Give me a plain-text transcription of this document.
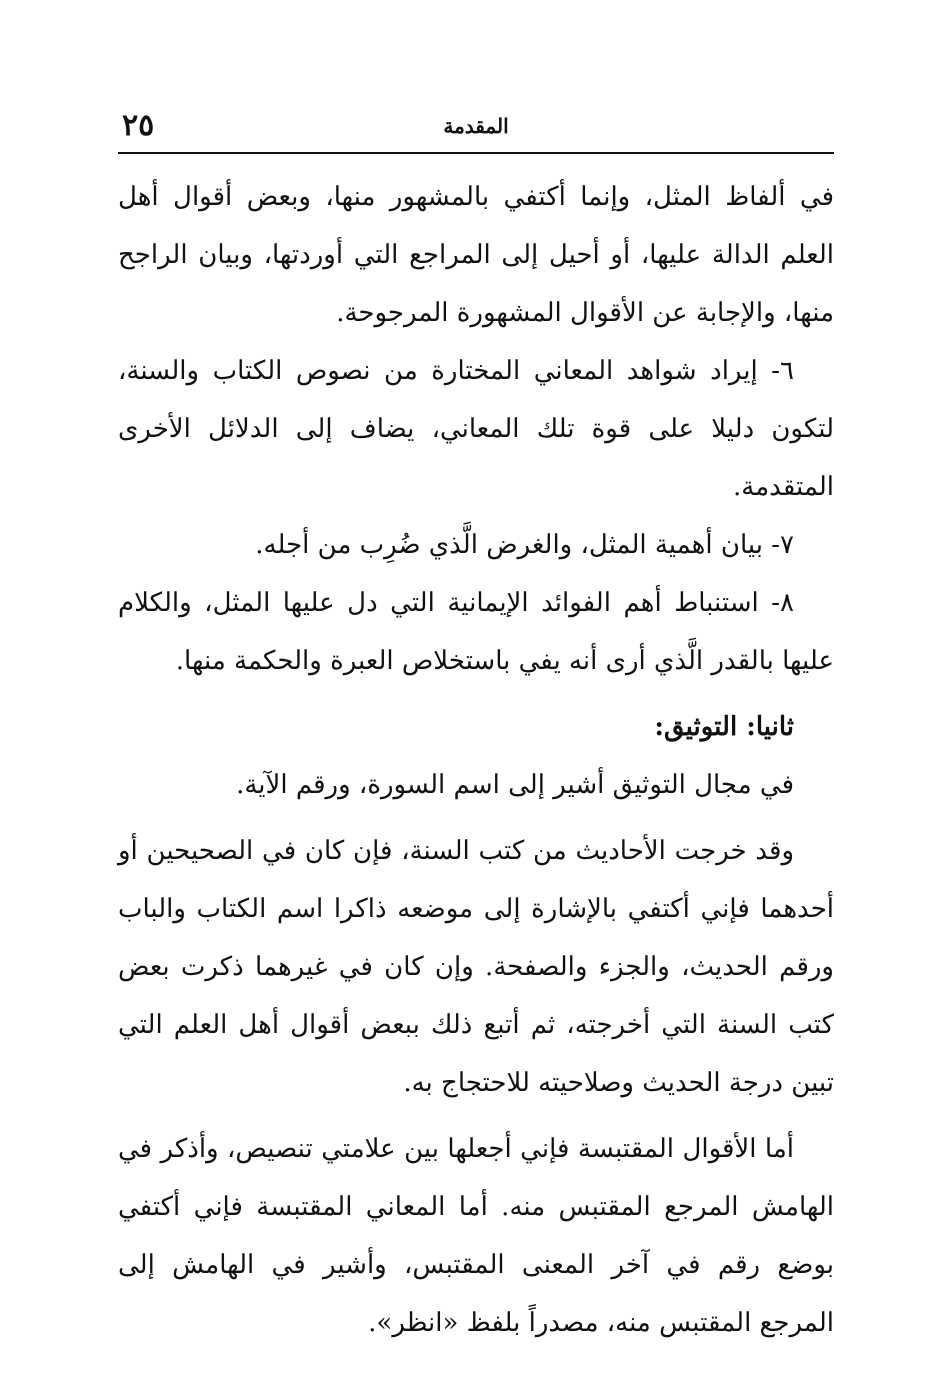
المقدمة
٢٥

في ألفاظ المثل، وإنما أكتفي بالمشهور منها، وبعض أقوال أهل العلم الدالة عليها، أو أحيل إلى المراجع التي أوردتها، وبيان الراجح منها، والإجابة عن الأقوال المشهورة المرجوحة.

٦- إيراد شواهد المعاني المختارة من نصوص الكتاب والسنة، لتكون دليلا على قوة تلك المعاني، يضاف إلى الدلائل الأخرى المتقدمة.

٧- بيان أهمية المثل، والغرض الَّذي ضُرِب من أجله.

٨- استنباط أهم الفوائد الإيمانية التي دل عليها المثل، والكلام عليها بالقدر الَّذي أرى أنه يفي باستخلاص العبرة والحكمة منها.

ثانيا: التوثيق:

في مجال التوثيق أشير إلى اسم السورة، ورقم الآية.

وقد خرجت الأحاديث من كتب السنة، فإن كان في الصحيحين أو أحدهما فإني أكتفي بالإشارة إلى موضعه ذاكرا اسم الكتاب والباب ورقم الحديث، والجزء والصفحة. وإن كان في غيرهما ذكرت بعض كتب السنة التي أخرجته، ثم أتبع ذلك ببعض أقوال أهل العلم التي تبين درجة الحديث وصلاحيته للاحتجاج به.

أما الأقوال المقتبسة فإني أجعلها بين علامتي تنصيص، وأذكر في الهامش المرجع المقتبس منه. أما المعاني المقتبسة فإني أكتفي بوضع رقم في آخر المعنى المقتبس، وأشير في الهامش إلى المرجع المقتبس منه، مصدراً بلفظ «انظر».
